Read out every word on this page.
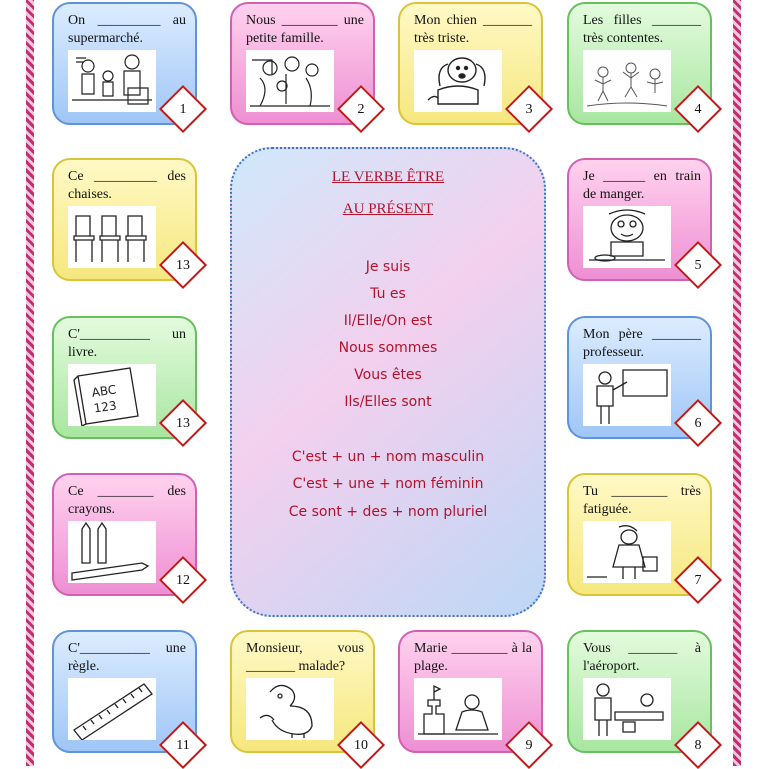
On _________ au supermarché.
1
Nous ________ une petite famille.
2
Mon chien _______ très triste.
3
Les filles _______ très contentes.
4
Ce _________ des chaises.
13
Je ______ en train de manger.
5
C'__________ un livre.
ABC
123
13
Mon père _______ professeur.
6
Ce ________ des crayons.
12
Tu ________ très fatiguée.
7
C'__________ une règle.
11
Monsieur, vous _______ malade?
10
Marie ________ à la plage.
9
Vous _______ à l'aéroport.
8
LE VERBE ÊTRE
AU PRÉSENT
Je suis
Tu es
Il/Elle/On est
Nous sommes
Vous êtes
Ils/Elles sont
C'est + un + nom masculin
C'est + une + nom féminin
Ce sont + des + nom pluriel
